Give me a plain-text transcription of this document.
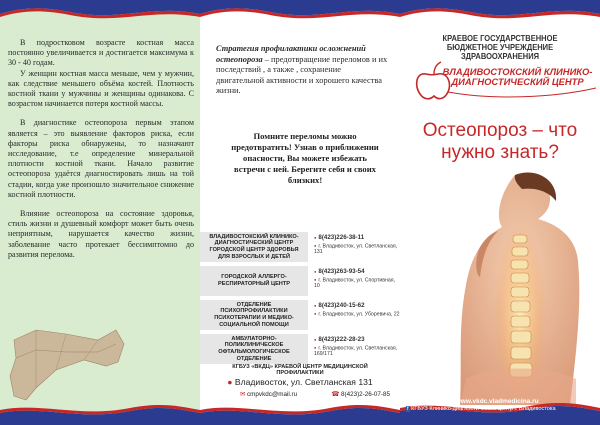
В подростковом возрасте костная масса постоянно увеличивается и достигается максимума к 30 - 40 годам.

У женщин костная масса меньше, чем у мужчин, как следствие меньшего объёма костей. Плотность костной ткани у мужчины и женщины одинакова. С возрастом начинается потеря костной массы.

В диагностике остеопороза первым этапом является – это выявление факторов риска, если факторы риска обнаружены, то назначают исследование, т.е определение минеральной плотности костной ткани. Начало развитие остеопороза удаётся диагностировать лишь на той стадии, когда уже произошло значительное снижение костной плотности.

Влияние остеопороза на состояние здоровья, стиль жизни и душевный комфорт может быть очень неприятным, нарушается качество жизни, заболевание часто протекает бессимптомно до развития перелома.

Стратегия профилактики осложнений остеопороза – предотвращение переломов и их последствий , а также , сохранение двигательной активности и хорошего качества жизни.
Помните переломы можно предотвратить! Узнав о приближении опасности, Вы можете избежать встречи с ней. Берегите себя и своих близких!
ВЛАДИВОСТОКСКИЙ КЛИНИКО-ДИАГНОСТИЧЕСКИЙ ЦЕНТР ГОРОДСКОЙ ЦЕНТР ЗДОРОВЬЯ ДЛЯ ВЗРОСЛЫХ И ДЕТЕЙ
● 8(423)226-38-11
● г. Владивосток, ул. Светланская, 131
ГОРОДСКОЙ АЛЛЕРГО-РЕСПИРАТОРНЫЙ ЦЕНТР
● 8(423)263-93-54
● г. Владивосток, ул. Спортивная, 10
ОТДЕЛЕНИЕ ПСИХОПРОФИЛАКТИКИ ПСИХОТЕРАПИИ И МЕДИКО-СОЦИАЛЬНОЙ ПОМОЩИ
● 8(423)240-15-62
● г. Владивосток, ул. Уборевича, 22
АМБУЛАТОРНО-ПОЛИКЛИНИЧЕСКОЕ ОФТАЛЬМОЛОГИЧЕСКОЕ ОТДЕЛЕНИЕ
● 8(423)222-28-23
● г. Владивосток, ул. Светланская, 169/171
КГБУЗ «ВКДЦ» КРАЕВОЙ ЦЕНТР МЕДИЦИНСКОЙ ПРОФИЛАКТИКИ
● Владивосток, ул. Светланская 131
✉ cmpvkdc@mail.ru	☎ 8(423)2-26-07-85
КРАЕВОЕ ГОСУДАРСТВЕННОЕ БЮДЖЕТНОЕ УЧРЕЖДЕНИЕ ЗДРАВООХРАНЕНИЯ
ВЛАДИВОСТОКСКИЙ КЛИНИКО-ДИАГНОСТИЧЕСКИЙ ЦЕНТР
Остеопороз – что нужно знать?
● www.vkdc.vladmedicina.ru
f КГБУЗ Клинико-диагностический центр г. Владивостока
